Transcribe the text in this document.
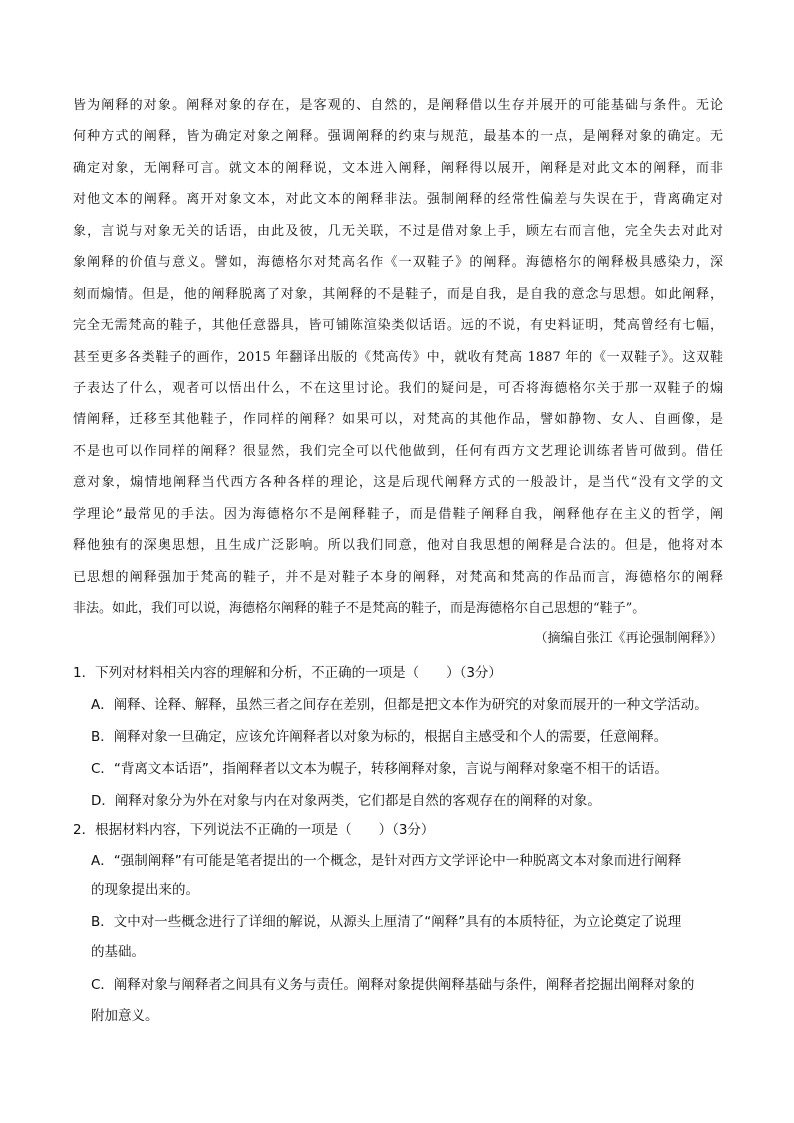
皆为阐释的对象。阐释对象的存在，是客观的、自然的，是阐释借以生存并展开的可能基础与条件。无论
何种方式的阐释，皆为确定对象之阐释。强调阐释的约束与规范，最基本的一点，是阐释对象的确定。无
确定对象，无阐释可言。就文本的阐释说，文本进入阐释，阐释得以展开，阐释是对此文本的阐释，而非
对他文本的阐释。离开对象文本，对此文本的阐释非法。强制阐释的经常性偏差与失误在于，背离确定对
象，言说与对象无关的话语，由此及彼，几无关联，不过是借对象上手，顾左右而言他，完全失去对此对
象阐释的价值与意义。譬如，海德格尔对梵高名作《一双鞋子》的阐释。海德格尔的阐释极具感染力，深
刻而煽情。但是，他的阐释脱离了对象，其阐释的不是鞋子，而是自我，是自我的意念与思想。如此阐释，
完全无需梵高的鞋子，其他任意器具，皆可铺陈渲染类似话语。远的不说，有史料证明，梵高曾经有七幅，
甚至更多各类鞋子的画作，2015 年翻译出版的《梵高传》中，就收有梵高 1887 年的《一双鞋子》。这双鞋
子表达了什么，观者可以悟出什么，不在这里讨论。我们的疑问是，可否将海德格尔关于那一双鞋子的煽
情阐释，迁移至其他鞋子，作同样的阐释？如果可以，对梵高的其他作品，譬如静物、女人、自画像，是
不是也可以作同样的阐释？很显然，我们完全可以代他做到，任何有西方文艺理论训练者皆可做到。借任
意对象，煽情地阐释当代西方各种各样的理论，这是后现代阐释方式的一般設计，是当代“没有文学的文
学理论”最常见的手法。因为海德格尔不是阐释鞋子，而是借鞋子阐释自我，阐释他存在主义的哲学，阐
释他独有的深奥思想，且生成广泛影响。所以我们同意，他对自我思想的阐释是合法的。但是，他将对本
已思想的阐释强加于梵高的鞋子，并不是对鞋子本身的阐释，对梵高和梵高的作品而言，海德格尔的阐释
非法。如此，我们可以说，海德格尔阐释的鞋子不是梵高的鞋子，而是海德格尔自己思想的“鞋子”。
（摘编自张江《再论强制阐释》）
1．下列对材料相关内容的理解和分析，不正确的一项是（　　）（3分）
A．阐释、诠释、解释，虽然三者之间存在差别，但都是把文本作为研究的对象而展开的一种文学活动。
B．阐释对象一旦确定，应该允许阐释者以对象为标的，根据自主感受和个人的需要，任意阐释。
C．“背离文本话语”，指阐释者以文本为幌子，转移阐释对象，言说与阐释对象毫不相干的话语。
D．阐释对象分为外在对象与内在对象两类，它们都是自然的客观存在的阐释的对象。
2．根据材料内容，下列说法不正确的一项是（　　）（3分）
A．“强制阐释”有可能是笔者提出的一个概念，是针对西方文学评论中一种脱离文本对象而进行阐释
的现象提出来的。
B．文中对一些概念进行了详细的解说，从源头上厘清了“阐释”具有的本质特征，为立论奠定了说理
的基础。
C．阐释对象与阐释者之间具有义务与责任。阐释对象提供阐释基础与条件，阐释者挖掘出阐释对象的
附加意义。
